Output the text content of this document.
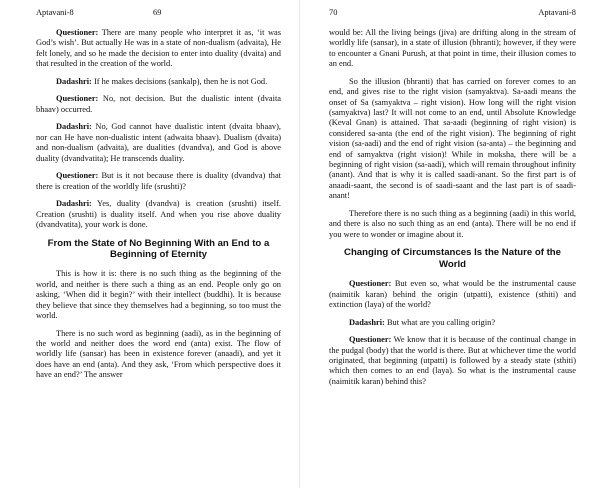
Aptavani-8	69

Questioner: There are many people who interpret it as, ‘it was God’s wish’. But actually He was in a state of non-dualism (advaita), He felt lonely, and so he made the decision to enter into duality (dvaita) and that resulted in the creation of the world.

Dadashri: If he makes decisions (sankalp), then he is not God.

Questioner: No, not decision. But the dualistic intent (dvaita bhaav) occurred.

Dadashri: No, God cannot have dualistic intent (dvaita bhaav), nor can He have non-dualistic intent (adwaita bhaav). Dualism (dvaita) and non-dualism (advaita), are dualities (dvandva), and God is above duality (dvandvatita); He transcends duality.

Questioner: But is it not because there is duality (dvandva) that there is creation of the worldly life (srushti)?

Dadashri: Yes, duality (dvandva) is creation (srushti) itself. Creation (srushti) is duality itself. And when you rise above duality (dvandvatita), your work is done.

From the State of No Beginning With an End to a Beginning of Eternity

This is how it is: there is no such thing as the beginning of the world, and neither is there such a thing as an end. People only go on asking, ‘When did it begin?’ with their intellect (buddhi). It is because they believe that since they themselves had a beginning, so too must the world.

There is no such word as beginning (aadi), as in the beginning of the world and neither does the word end (anta) exist. The flow of worldly life (sansar) has been in existence forever (anaadi), and yet it does have an end (anta). And they ask, ‘From which perspective does it have an end?’ The answer

70	Aptavani-8

would be: All the living beings (jiva) are drifting along in the stream of worldly life (sansar), in a state of illusion (bhranti); however, if they were to encounter a Gnani Purush, at that point in time, their illusion comes to an end.

So the illusion (bhranti) that has carried on forever comes to an end, and gives rise to the right vision (samyaktva). Sa-aadi means the onset of Sa (samyaktva – right vision). How long will the right vision (samyaktva) last? It will not come to an end, until Absolute Knowledge (Keval Gnan) is attained. That sa-aadi (beginning of right vision) is considered sa-anta (the end of the right vision). The beginning of right vision (sa-aadi) and the end of right vision (sa-anta) – the beginning and end of samyaktva (right vision)! While in moksha, there will be a beginning of right vision (sa-aadi), which will remain throughout infinity (anant). And that is why it is called saadi-anant. So the first part is of anaadi-saant, the second is of saadi-saant and the last part is of saadi-anant!

Therefore there is no such thing as a beginning (aadi) in this world, and there is also no such thing as an end (anta). There will be no end if you were to wonder or imagine about it.

Changing of Circumstances Is the Nature of the World

Questioner: But even so, what would be the instrumental cause (naimitik karan) behind the origin (utpatti), existence (sthiti) and extinction (laya) of the world?

Dadashri: But what are you calling origin?

Questioner: We know that it is because of the continual change in the pudgal (body) that the world is there. But at whichever time the world originated, that beginning (utpatti) is followed by a steady state (sthiti) which then comes to an end (laya). So what is the instrumental cause (naimitik karan) behind this?
